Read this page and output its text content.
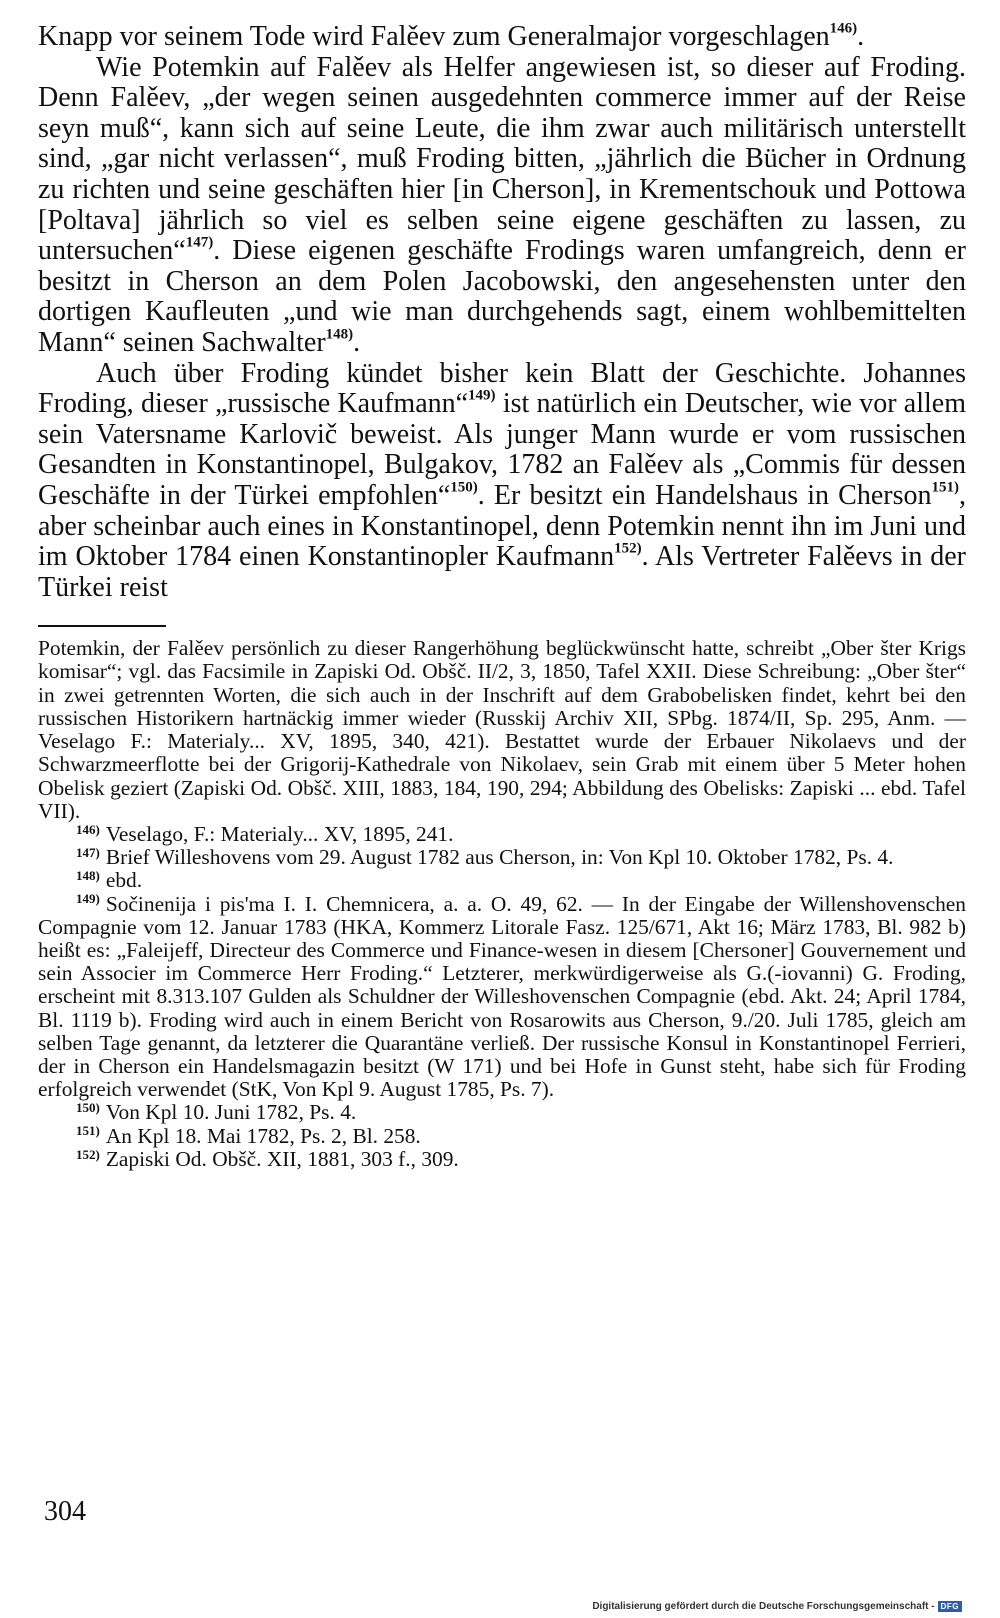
Knapp vor seinem Tode wird Falěev zum Generalmajor vorgeschlagen$^{146)}$.

Wie Potemkin auf Falěev als Helfer angewiesen ist, so dieser auf Froding. Denn Falěev, „der wegen seinen ausgedehnten commerce immer auf der Reise seyn muß“, kann sich auf seine Leute, die ihm zwar auch militärisch unterstellt sind, „gar nicht verlassen“, muß Froding bitten, „jährlich die Bücher in Ordnung zu richten und seine geschäften hier [in Cherson], in Krementschouk und Pottowa [Poltava] jährlich so viel es selben seine eigene geschäften zu lassen, zu untersuchen“$^{147)}$. Diese eigenen geschäfte Frodings waren umfangreich, denn er besitzt in Cherson an dem Polen Jacobowski, den angesehensten unter den dortigen Kaufleuten „und wie man durchgehends sagt, einem wohlbemittelten Mann“ seinen Sachwalter$^{148)}$.

Auch über Froding kündet bisher kein Blatt der Geschichte. Johannes Froding, dieser „russische Kaufmann“$^{149)}$ ist natürlich ein Deutscher, wie vor allem sein Vatersname Karlovič beweist. Als junger Mann wurde er vom russischen Gesandten in Konstantinopel, Bulgakov, 1782 an Falěev als „Commis für dessen Geschäfte in der Türkei empfohlen“$^{150)}$. Er besitzt ein Handelshaus in Cherson$^{151)}$, aber scheinbar auch eines in Konstantinopel, denn Potemkin nennt ihn im Juni und im Oktober 1784 einen Konstantinopler Kaufmann$^{152)}$. Als Vertreter Falěevs in der Türkei reist

Potemkin, der Falěev persönlich zu dieser Rangerhöhung beglückwünscht hatte, schreibt „Ober šter Krigs komisar“; vgl. das Facsimile in Zapiski Od. Obšč. II/2, 3, 1850, Tafel XXII. Diese Schreibung: „Ober šter“ in zwei getrennten Worten, die sich auch in der Inschrift auf dem Grabobelisken findet, kehrt bei den russischen Historikern hartnäckig immer wieder (Russkij Archiv XII, SPbg. 1874/II, Sp. 295, Anm. — Veselago F.: Materialy... XV, 1895, 340, 421). Bestattet wurde der Erbauer Nikolaevs und der Schwarzmeerflotte bei der Grigorij-Kathedrale von Nikolaev, sein Grab mit einem über 5 Meter hohen Obelisk geziert (Zapiski Od. Obšč. XIII, 1883, 184, 190, 294; Abbildung des Obelisks: Zapiski ... ebd. Tafel VII).

$^{146)}$ Veselago, F.: Materialy... XV, 1895, 241.

$^{147)}$ Brief Willeshovens vom 29. August 1782 aus Cherson, in: Von Kpl 10. Oktober 1782, Ps. 4.

$^{148)}$ ebd.

$^{149)}$ Sočinenija i pis'ma I. I. Chemnicera, a. a. O. 49, 62. — In der Eingabe der Willenshovenschen Compagnie vom 12. Januar 1783 (HKA, Kommerz Litorale Fasz. 125/671, Akt 16; März 1783, Bl. 982 b) heißt es: „Faleijeff, Directeur des Commerce und Finance-wesen in diesem [Chersoner] Gouvernement und sein Associer im Commerce Herr Froding.“ Letzterer, merkwürdigerweise als G.(-iovanni) G. Froding, erscheint mit 8.313.107 Gulden als Schuldner der Willeshovenschen Compagnie (ebd. Akt. 24; April 1784, Bl. 1119 b). Froding wird auch in einem Bericht von Rosarowits aus Cherson, 9./20. Juli 1785, gleich am selben Tage genannt, da letzterer die Quarantäne verließ. Der russische Konsul in Konstantinopel Ferrieri, der in Cherson ein Handelsmagazin besitzt (W 171) und bei Hofe in Gunst steht, habe sich für Froding erfolgreich verwendet (StK, Von Kpl 9. August 1785, Ps. 7).

$^{150)}$ Von Kpl 10. Juni 1782, Ps. 4.

$^{151)}$ An Kpl 18. Mai 1782, Ps. 2, Bl. 258.

$^{152)}$ Zapiski Od. Obšč. XII, 1881, 303 f., 309.

304
Digitalisierung gefördert durch die Deutsche Forschungsgemeinschaft - DFG
